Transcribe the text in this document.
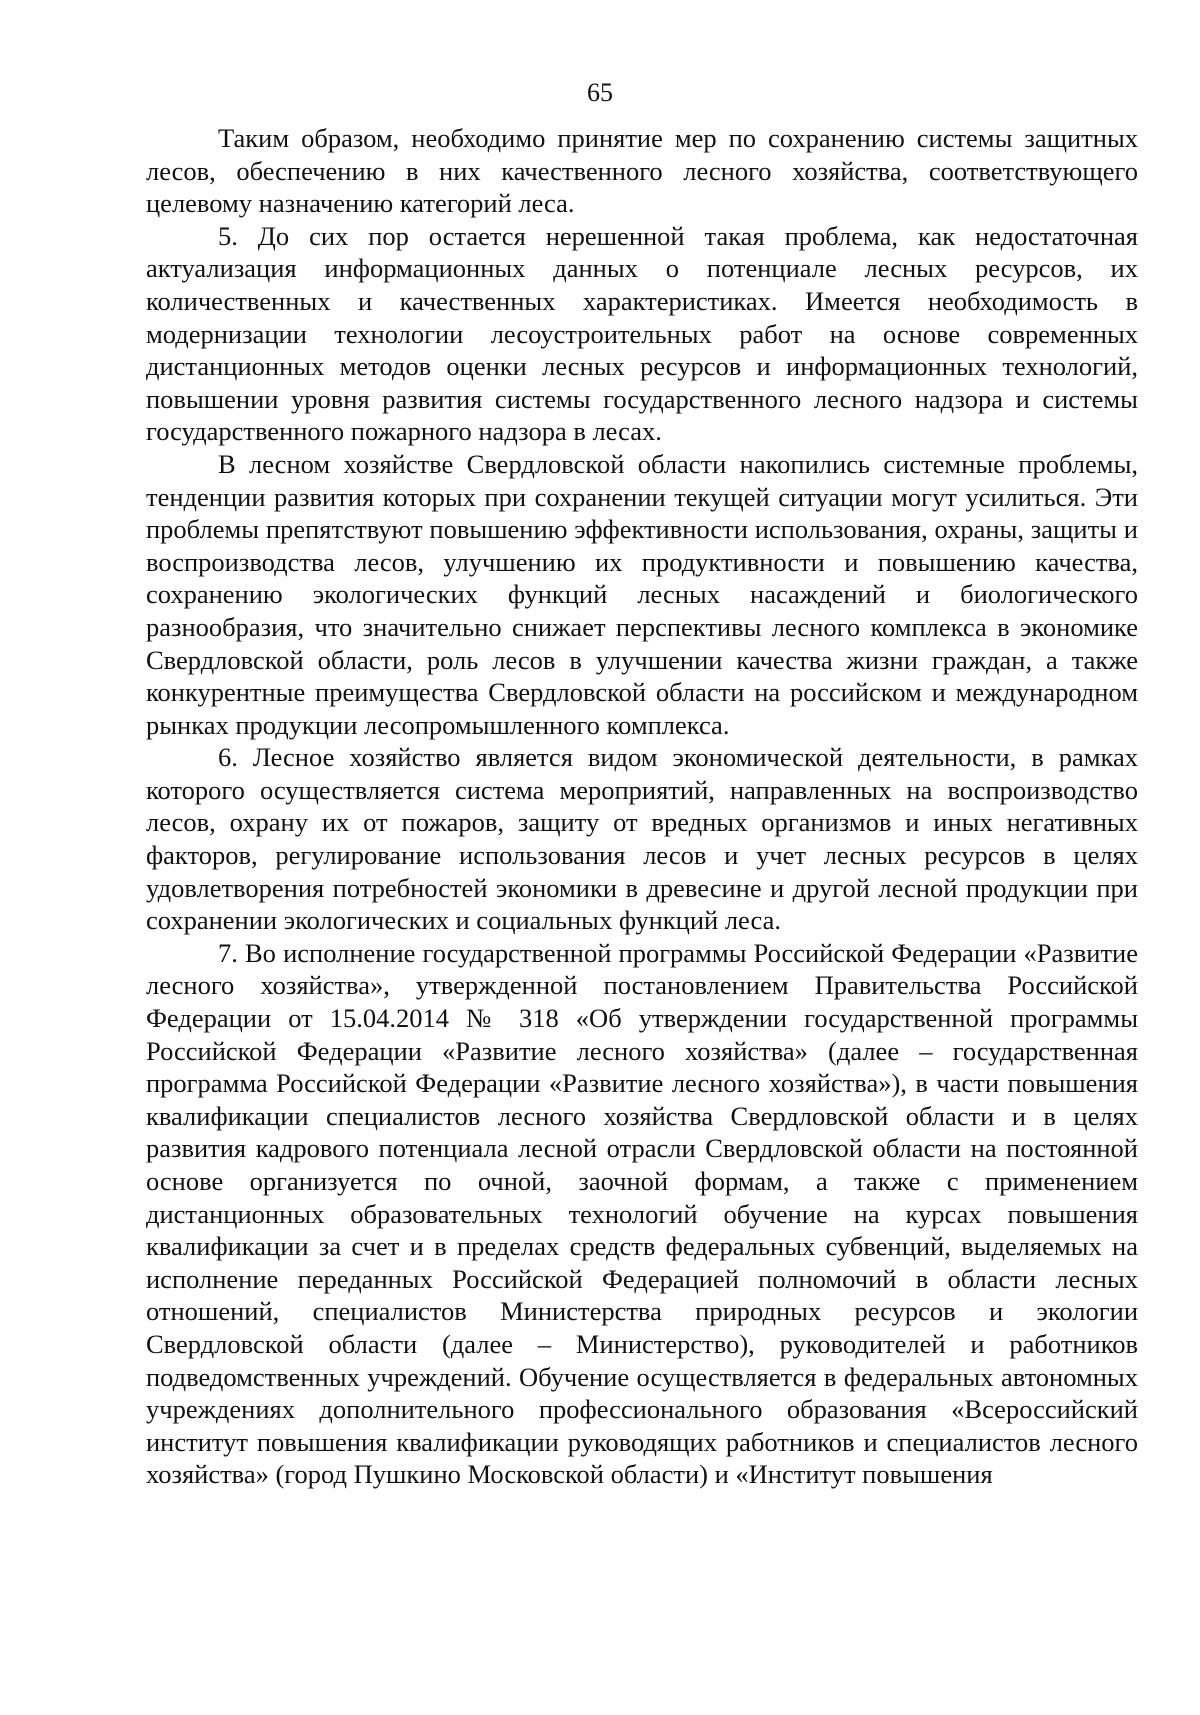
65

Таким образом, необходимо принятие мер по сохранению системы защитных лесов, обеспечению в них качественного лесного хозяйства, соответствующего целевому назначению категорий леса.

5. До сих пор остается нерешенной такая проблема, как недостаточная актуализация информационных данных о потенциале лесных ресурсов, их количественных и качественных характеристиках. Имеется необходимость в модернизации технологии лесоустроительных работ на основе современных дистанционных методов оценки лесных ресурсов и информационных технологий, повышении уровня развития системы государственного лесного надзора и системы государственного пожарного надзора в лесах.

В лесном хозяйстве Свердловской области накопились системные проблемы, тенденции развития которых при сохранении текущей ситуации могут усилиться. Эти проблемы препятствуют повышению эффективности использования, охраны, защиты и воспроизводства лесов, улучшению их продуктивности и повышению качества, сохранению экологических функций лесных насаждений и биологического разнообразия, что значительно снижает перспективы лесного комплекса в экономике Свердловской области, роль лесов в улучшении качества жизни граждан, а также конкурентные преимущества Свердловской области на российском и международном рынках продукции лесопромышленного комплекса.

6. Лесное хозяйство является видом экономической деятельности, в рамках которого осуществляется система мероприятий, направленных на воспроизводство лесов, охрану их от пожаров, защиту от вредных организмов и иных негативных факторов, регулирование использования лесов и учет лесных ресурсов в целях удовлетворения потребностей экономики в древесине и другой лесной продукции при сохранении экологических и социальных функций леса.

7. Во исполнение государственной программы Российской Федерации «Развитие лесного хозяйства», утвержденной постановлением Правительства Российской Федерации от 15.04.2014 № 318 «Об утверждении государственной программы Российской Федерации «Развитие лесного хозяйства» (далее – государственная программа Российской Федерации «Развитие лесного хозяйства»), в части повышения квалификации специалистов лесного хозяйства Свердловской области и в целях развития кадрового потенциала лесной отрасли Свердловской области на постоянной основе организуется по очной, заочной формам, а также с применением дистанционных образовательных технологий обучение на курсах повышения квалификации за счет и в пределах средств федеральных субвенций, выделяемых на исполнение переданных Российской Федерацией полномочий в области лесных отношений, специалистов Министерства природных ресурсов и экологии Свердловской области (далее – Министерство), руководителей и работников подведомственных учреждений. Обучение осуществляется в федеральных автономных учреждениях дополнительного профессионального образования «Всероссийский институт повышения квалификации руководящих работников и специалистов лесного хозяйства» (город Пушкино Московской области) и «Институт повышения
